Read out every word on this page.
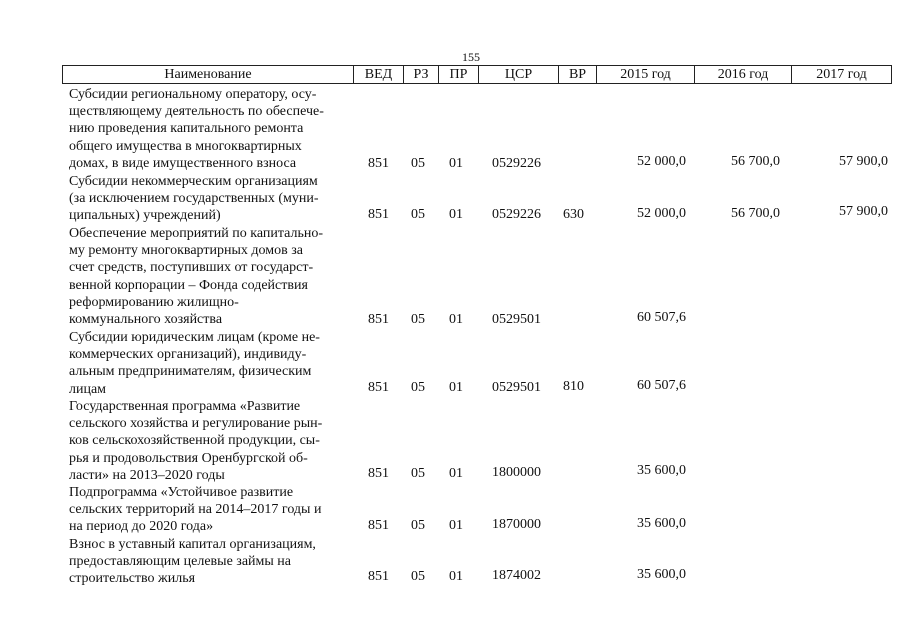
155
Наименование	ВЕД	РЗ	ПР	ЦСР	ВР	2015 год	2016 год	2017 год
Субсидии региональному оператору, осу-
ществляющему деятельность по обеспече-
нию проведения капитального ремонта
общего имущества в многоквартирных
домах, в виде имущественного взноса	851 05 01 0529226	52 000,0	56 700,0	57 900,0
Субсидии некоммерческим организациям
(за исключением государственных (муни-
ципальных) учреждений)	851 05 01 0529226 630	52 000,0	56 700,0	57 900,0
Обеспечение мероприятий по капитально-
му ремонту многоквартирных домов за
счет средств, поступивших от государст-
венной корпорации – Фонда содействия
реформированию жилищно-
коммунального хозяйства	851 05 01 0529501	60 507,6
Субсидии юридическим лицам (кроме не-
коммерческих организаций), индивиду-
альным предпринимателям, физическим
лицам	851 05 01 0529501 810	60 507,6
Государственная программа «Развитие
сельского хозяйства и регулирование рын-
ков сельскохозяйственной продукции, сы-
рья и продовольствия Оренбургской об-
ласти» на 2013–2020 годы	851 05 01 1800000	35 600,0
Подпрограмма «Устойчивое развитие
сельских территорий на 2014–2017 годы и
на период до 2020 года»	851 05 01 1870000	35 600,0
Взнос в уставный капитал организациям,
предоставляющим целевые займы на
строительство жилья	851 05 01 1874002	35 600,0
